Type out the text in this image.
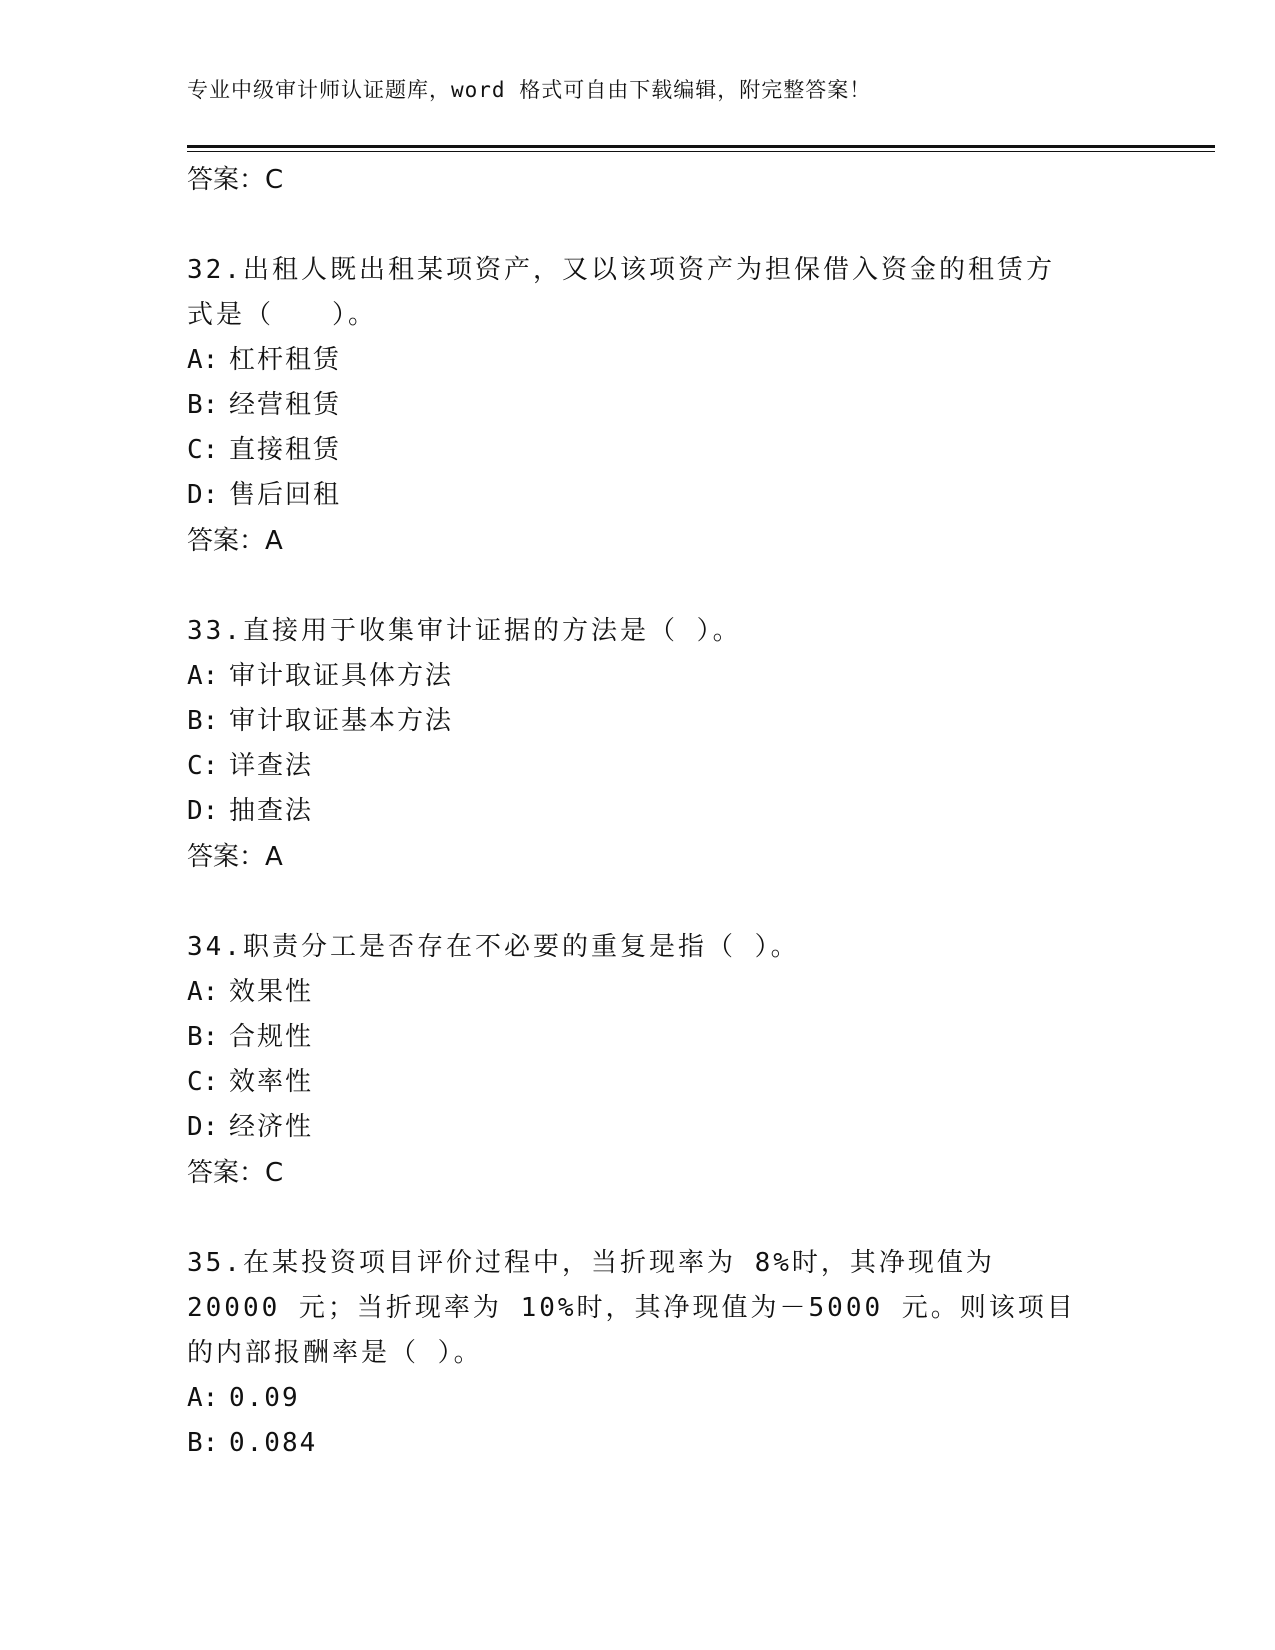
专业中级审计师认证题库，word 格式可自由下载编辑，附完整答案！
答案：C

32.出租人既出租某项资产，又以该项资产为担保借入资金的租赁方式是（　　）。

A: 杠杆租赁
B: 经营租赁
C: 直接租赁
D: 售后回租
答案：A

33.直接用于收集审计证据的方法是（ ）。

A: 审计取证具体方法
B: 审计取证基本方法
C: 详查法
D: 抽查法
答案：A

34.职责分工是否存在不必要的重复是指（ ）。

A: 效果性
B: 合规性
C: 效率性
D: 经济性
答案：C

35.在某投资项目评价过程中，当折现率为 8%时，其净现值为 20000 元；当折现率为 10%时，其净现值为－5000 元。则该项目的内部报酬率是（ ）。

A: 0.09
B: 0.084
